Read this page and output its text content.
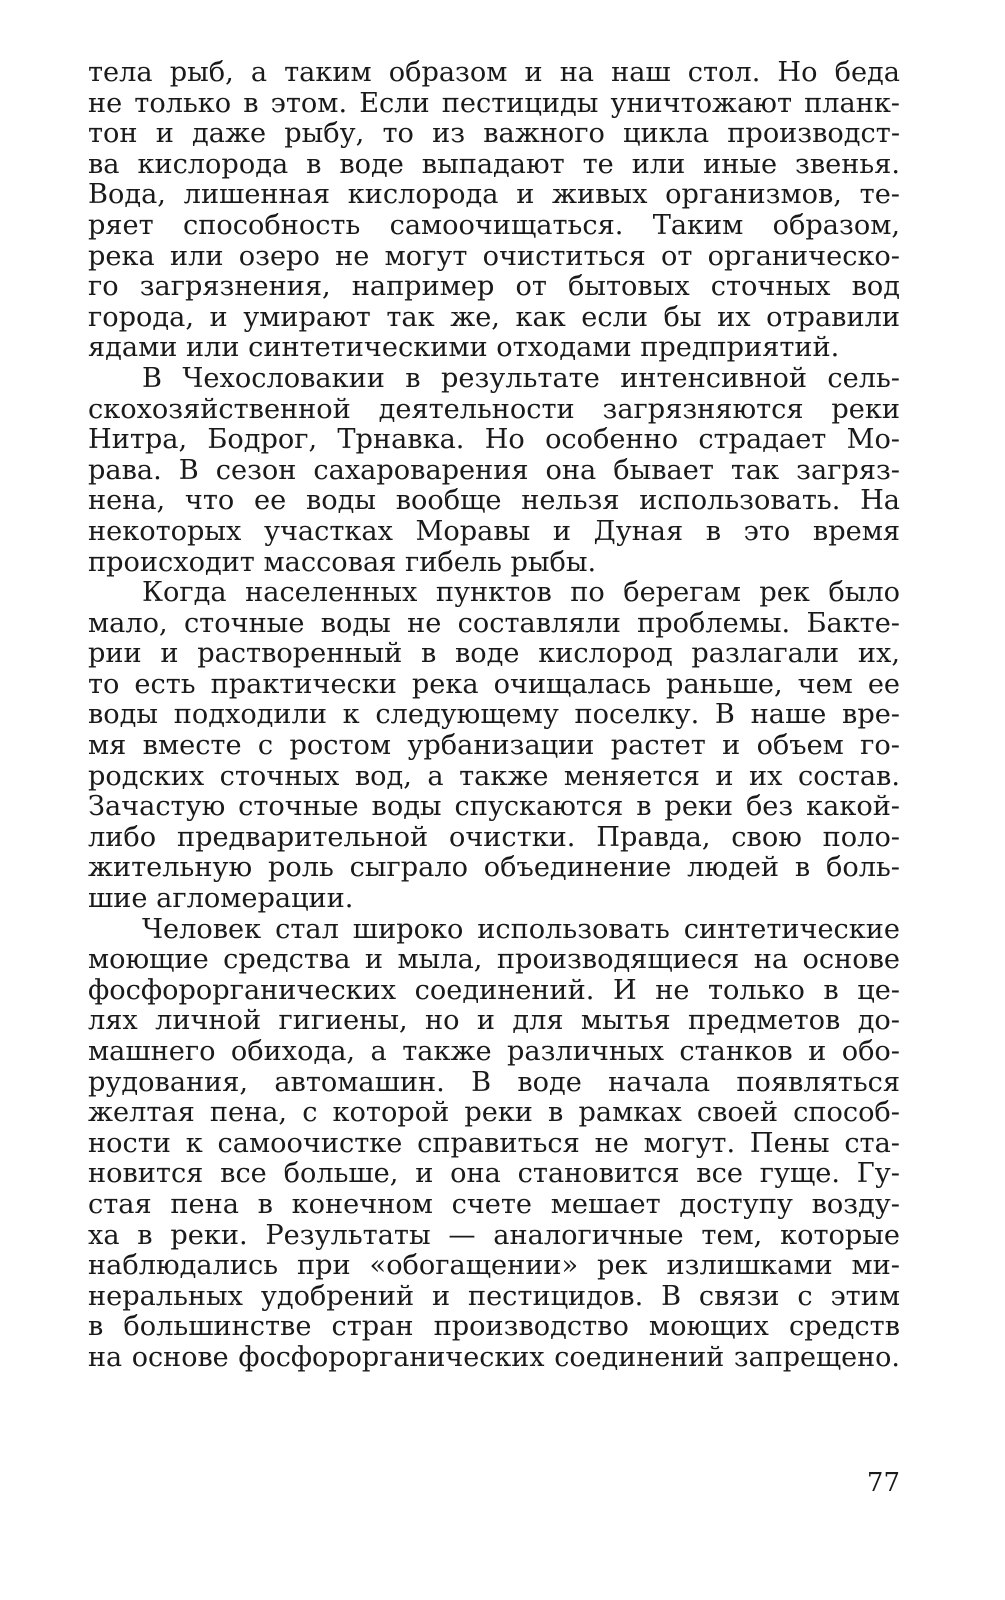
тела рыб, а таким образом и на наш стол. Но беда
не только в этом. Если пестициды уничтожают планк-
тон и даже рыбу, то из важного цикла производст-
ва кислорода в воде выпадают те или иные звенья.
Вода, лишенная кислорода и живых организмов, те-
ряет способность самоочищаться. Таким образом,
река или озеро не могут очиститься от органическо-
го загрязнения, например от бытовых сточных вод
города, и умирают так же, как если бы их отравили
ядами или синтетическими отходами предприятий.
В Чехословакии в результате интенсивной сель-
скохозяйственной деятельности загрязняются реки
Нитра, Бодрог, Трнавка. Но особенно страдает Мо-
рава. В сезон сахароварения она бывает так загряз-
нена, что ее воды вообще нельзя использовать. На
некоторых участках Моравы и Дуная в это время
происходит массовая гибель рыбы.
Когда населенных пунктов по берегам рек было
мало, сточные воды не составляли проблемы. Бакте-
рии и растворенный в воде кислород разлагали их,
то есть практически река очищалась раньше, чем ее
воды подходили к следующему поселку. В наше вре-
мя вместе с ростом урбанизации растет и объем го-
родских сточных вод, а также меняется и их состав.
Зачастую сточные воды спускаются в реки без какой-
либо предварительной очистки. Правда, свою поло-
жительную роль сыграло объединение людей в боль-
шие агломерации.
Человек стал широко использовать синтетические
моющие средства и мыла, производящиеся на основе
фосфорорганических соединений. И не только в це-
лях личной гигиены, но и для мытья предметов до-
машнего обихода, а также различных станков и обо-
рудования, автомашин. В воде начала появляться
желтая пена, с которой реки в рамках своей способ-
ности к самоочистке справиться не могут. Пены ста-
новится все больше, и она становится все гуще. Гу-
стая пена в конечном счете мешает доступу возду-
ха в реки. Результаты — аналогичные тем, которые
наблюдались при «обогащении» рек излишками ми-
неральных удобрений и пестицидов. В связи с этим
в большинстве стран производство моющих средств
на основе фосфорорганических соединений запрещено.
77
